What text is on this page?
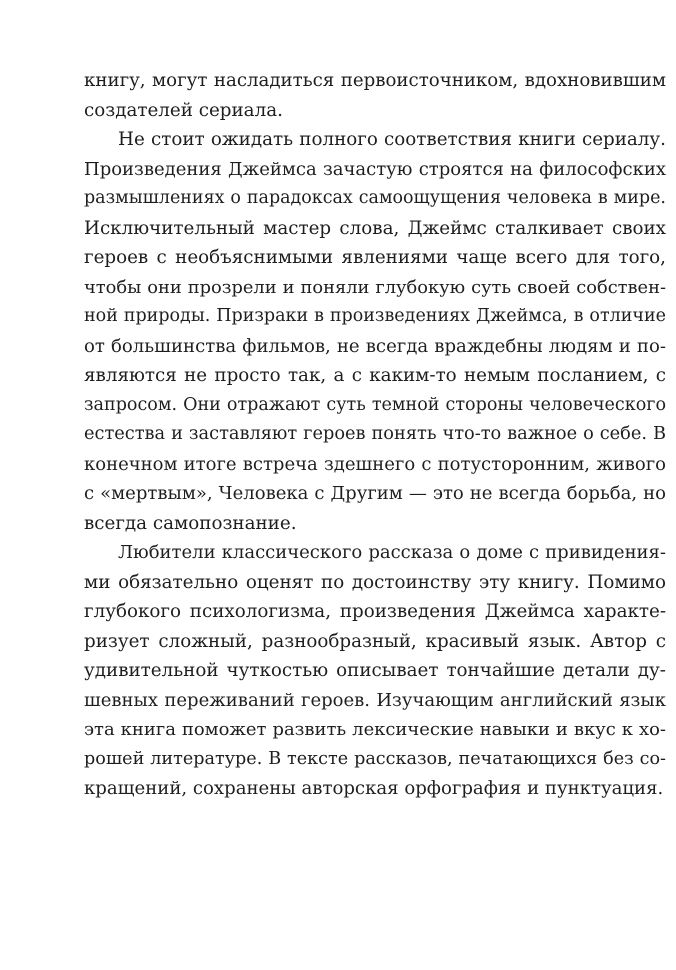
книгу, могут насладиться первоисточником, вдохновившим
создателей сериала.
Не стоит ожидать полного соответствия книги сериалу.
Произведения Джеймса зачастую строятся на философских
размышлениях о парадоксах самоощущения человека в мире.
Исключительный мастер слова, Джеймс сталкивает своих
героев с необъяснимыми явлениями чаще всего для того,
чтобы они прозрели и поняли глубокую суть своей собствен-
ной природы. Призраки в произведениях Джеймса, в отличие
от большинства фильмов, не всегда враждебны людям и по-
являются не просто так, а с каким-то немым посланием, с
запросом. Они отражают суть темной стороны человеческого
естества и заставляют героев понять что-то важное о себе. В
конечном итоге встреча здешнего с потусторонним, живого
с «мертвым», Человека с Другим — это не всегда борьба, но
всегда самопознание.
Любители классического рассказа о доме с привидения-
ми обязательно оценят по достоинству эту книгу. Помимо
глубокого психологизма, произведения Джеймса характе-
ризует сложный, разнообразный, красивый язык. Автор с
удивительной чуткостью описывает тончайшие детали ду-
шевных переживаний героев. Изучающим английский язык
эта книга поможет развить лексические навыки и вкус к хо-
рошей литературе. В тексте рассказов, печатающихся без со-
кращений, сохранены авторская орфография и пунктуация.
